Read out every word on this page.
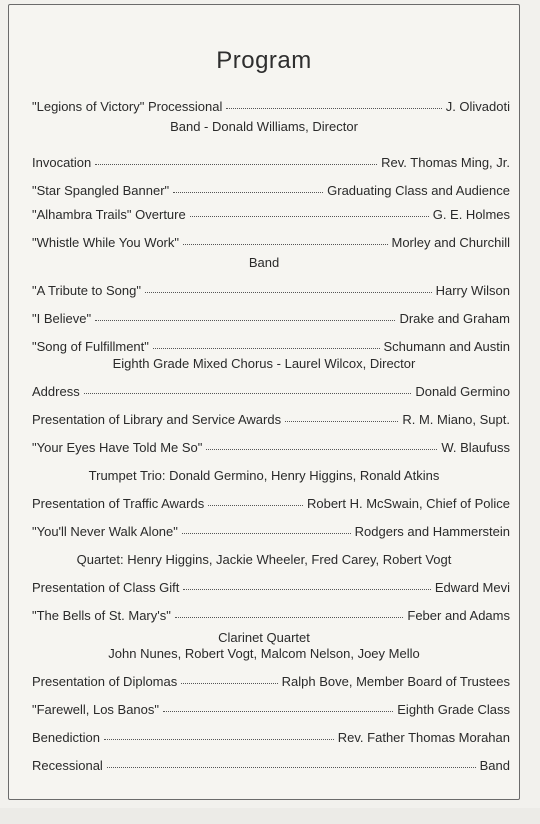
Program
"Legions of Victory" Processional	J. Olivadoti
Band - Donald Williams, Director
Invocation	Rev. Thomas Ming, Jr.
"Star Spangled Banner"	Graduating Class and Audience
"Alhambra Trails" Overture	G. E. Holmes
"Whistle While You Work"	Morley and Churchill
Band
"A Tribute to Song"	Harry Wilson
"I Believe"	Drake and Graham
"Song of Fulfillment"	Schumann and Austin
Eighth Grade Mixed Chorus - Laurel Wilcox, Director
Address	Donald Germino
Presentation of Library and Service Awards	R. M. Miano, Supt.
"Your Eyes Have Told Me So"	W. Blaufuss
Trumpet Trio: Donald Germino, Henry Higgins, Ronald Atkins
Presentation of Traffic Awards	Robert H. McSwain, Chief of Police
"You'll Never Walk Alone"	Rodgers and Hammerstein
Quartet: Henry Higgins, Jackie Wheeler, Fred Carey, Robert Vogt
Presentation of Class Gift	Edward Mevi
"The Bells of St. Mary's"	Feber and Adams
Clarinet Quartet
John Nunes, Robert Vogt, Malcom Nelson, Joey Mello
Presentation of Diplomas	Ralph Bove, Member Board of Trustees
"Farewell, Los Banos"	Eighth Grade Class
Benediction	Rev. Father Thomas Morahan
Recessional	Band
